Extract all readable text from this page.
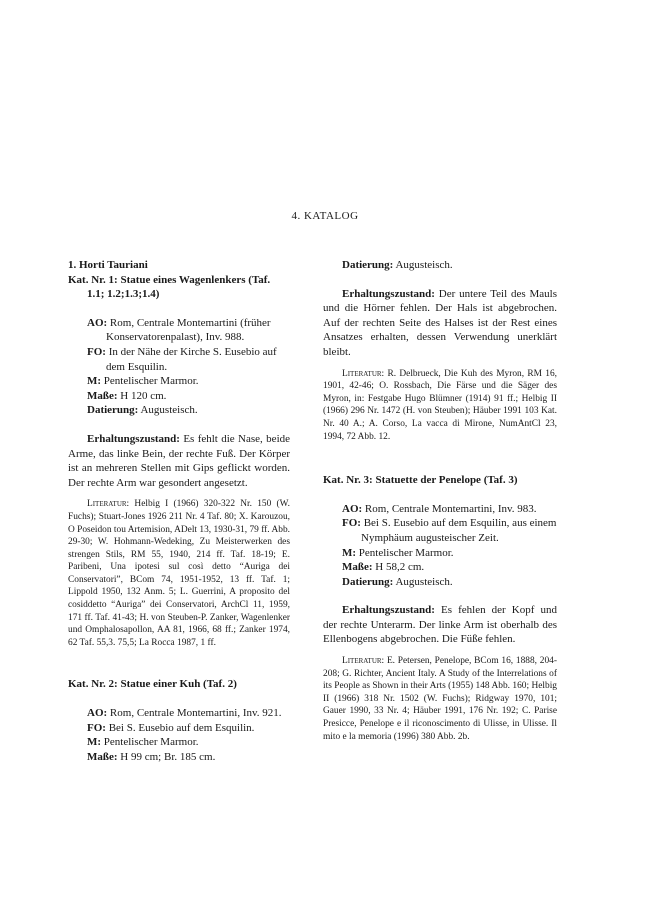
4. KATALOG

1. Horti Tauriani

Kat. Nr. 1: Statue eines Wagenlenkers (Taf. 1.1; 1.2;1.3;1.4)

AO: Rom, Centrale Montemartini (früher Konservatorenpalast), Inv. 988.

FO: In der Nähe der Kirche S. Eusebio auf dem Esquilin.

M: Pentelischer Marmor.

Maße: H 120 cm.

Datierung: Augusteisch.

Erhaltungszustand: Es fehlt die Nase, beide Arme, das linke Bein, der rechte Fuß. Der Körper ist an mehreren Stellen mit Gips geflickt worden. Der rechte Arm war gesondert angesetzt.

Literatur: Helbig I (1966) 320-322 Nr. 150 (W. Fuchs); Stuart-Jones 1926 211 Nr. 4 Taf. 80; X. Karouzou, O Poseidon tou Artemision, ADelt 13, 1930-31, 79 ff. Abb. 29-30; W. Hohmann-Wedeking, Zu Meisterwerken des strengen Stils, RM 55, 1940, 214 ff. Taf. 18-19; E. Paribeni, Una ipotesi sul così detto “Auriga dei Conservatori”, BCom 74, 1951-1952, 13 ff. Taf. 1; Lippold 1950, 132 Anm. 5; L. Guerrini, A proposito del cosiddetto “Auriga” dei Conservatori, ArchCl 11, 1959, 171 ff. Taf. 41-43; H. von Steuben-P. Zanker, Wagenlenker und Omphalosapollon, AA 81, 1966, 68 ff.; Zanker 1974, 62 Taf. 55,3. 75,5; La Rocca 1987, 1 ff.

Kat. Nr. 2: Statue einer Kuh (Taf. 2)

AO: Rom, Centrale Montemartini, Inv. 921.

FO: Bei S. Eusebio auf dem Esquilin.

M: Pentelischer Marmor.

Maße: H 99 cm; Br. 185 cm.

Datierung: Augusteisch.

Erhaltungszustand: Der untere Teil des Mauls und die Hörner fehlen. Der Hals ist abgebrochen. Auf der rechten Seite des Halses ist der Rest eines Ansatzes erhalten, dessen Verwendung unerklärt bleibt.

Literatur: R. Delbrueck, Die Kuh des Myron, RM 16, 1901, 42-46; O. Rossbach, Die Färse und die Säger des Myron, in: Festgabe Hugo Blümner (1914) 91 ff.; Helbig II (1966) 296 Nr. 1472 (H. von Steuben); Häuber 1991 103 Kat. Nr. 40 A.; A. Corso, La vacca di Mirone, NumAntCl 23, 1994, 72 Abb. 12.

Kat. Nr. 3: Statuette der Penelope (Taf. 3)

AO: Rom, Centrale Montemartini, Inv. 983.

FO: Bei S. Eusebio auf dem Esquilin, aus einem Nymphäum augusteischer Zeit.

M: Pentelischer Marmor.

Maße: H 58,2 cm.

Datierung: Augusteisch.

Erhaltungszustand: Es fehlen der Kopf und der rechte Unterarm. Der linke Arm ist oberhalb des Ellenbogens abgebrochen. Die Füße fehlen.

Literatur: E. Petersen, Penelope, BCom 16, 1888, 204-208; G. Richter, Ancient Italy. A Study of the Interrelations of its People as Shown in their Arts (1955) 148 Abb. 160; Helbig II (1966) 318 Nr. 1502 (W. Fuchs); Ridgway 1970, 101; Gauer 1990, 33 Nr. 4; Häuber 1991, 176 Nr. 192; C. Parise Presicce, Penelope e il riconoscimento di Ulisse, in Ulisse. Il mito e la memoria (1996) 380 Abb. 2b.
